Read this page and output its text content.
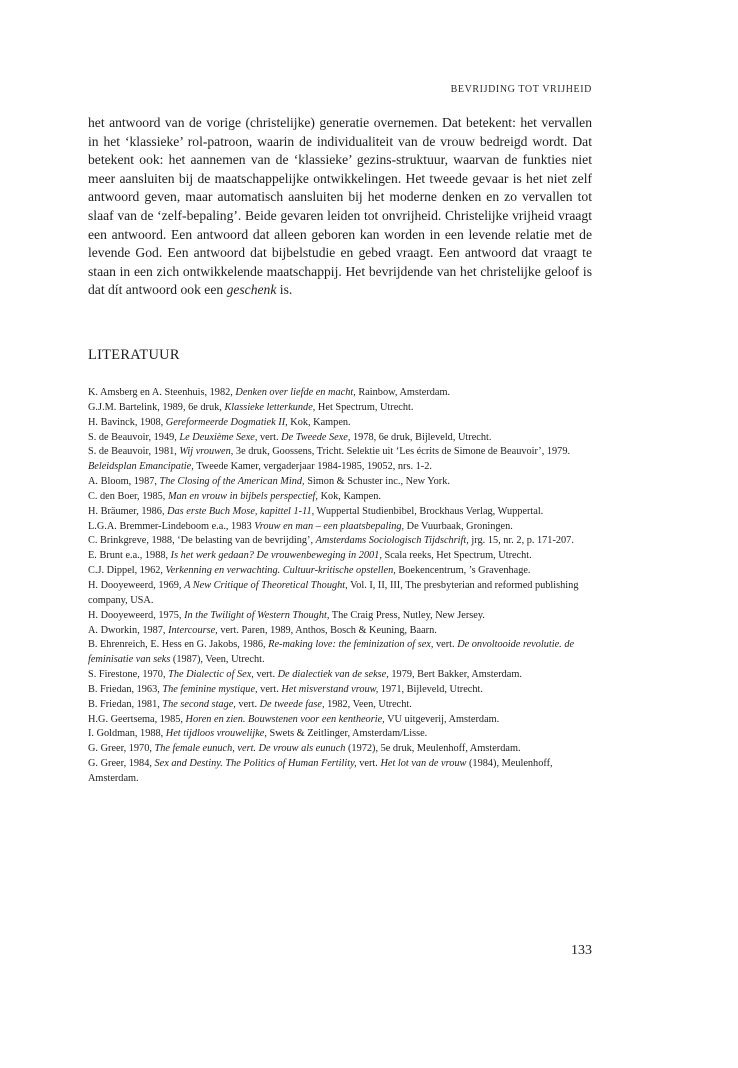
BEVRIJDING TOT VRIJHEID

het antwoord van de vorige (christelijke) generatie overnemen. Dat betekent: het vervallen in het ‘klassieke’ rol-patroon, waarin de individualiteit van de vrouw bedreigd wordt. Dat betekent ook: het aannemen van de ‘klassieke’ gezins-struktuur, waarvan de funkties niet meer aansluiten bij de maatschappelijke ontwikkelingen. Het tweede gevaar is het niet zelf antwoord geven, maar automatisch aansluiten bij het moderne denken en zo vervallen tot slaaf van de ‘zelf-bepaling’. Beide gevaren leiden tot onvrijheid. Christelijke vrijheid vraagt een antwoord. Een antwoord dat alleen geboren kan worden in een levende relatie met de levende God. Een antwoord dat bijbelstudie en gebed vraagt. Een antwoord dat vraagt te staan in een zich ontwikkelende maatschappij. Het bevrijdende van het christelijke geloof is dat dít antwoord ook een geschenk is.

LITERATUUR
K. Amsberg en A. Steenhuis, 1982, Denken over liefde en macht, Rainbow, Amsterdam.
G.J.M. Bartelink, 1989, 6e druk, Klassieke letterkunde, Het Spectrum, Utrecht.
H. Bavinck, 1908, Gereformeerde Dogmatiek II, Kok, Kampen.
S. de Beauvoir, 1949, Le Deuxième Sexe, vert. De Tweede Sexe, 1978, 6e druk, Bijleveld, Utrecht.
S. de Beauvoir, 1981, Wij vrouwen, 3e druk, Goossens, Tricht. Selektie uit ‘Les écrits de Simone de Beauvoir’, 1979.
Beleidsplan Emancipatie, Tweede Kamer, vergaderjaar 1984-1985, 19052, nrs. 1-2.
A. Bloom, 1987, The Closing of the American Mind, Simon & Schuster inc., New York.
C. den Boer, 1985, Man en vrouw in bijbels perspectief, Kok, Kampen.
H. Bräumer, 1986, Das erste Buch Mose, kapittel 1-11, Wuppertal Studienbibel, Brockhaus Verlag, Wuppertal.
L.G.A. Bremmer-Lindeboom e.a., 1983 Vrouw en man – een plaatsbepaling, De Vuurbaak, Groningen.
C. Brinkgreve, 1988, ‘De belasting van de bevrijding’, Amsterdams Sociologisch Tijdschrift, jrg. 15, nr. 2, p. 171-207.
E. Brunt e.a., 1988, Is het werk gedaan? De vrouwenbeweging in 2001, Scala reeks, Het Spectrum, Utrecht.
C.J. Dippel, 1962, Verkenning en verwachting. Cultuur-kritische opstellen, Boekencentrum, ’s Gravenhage.
H. Dooyeweerd, 1969, A New Critique of Theoretical Thought, Vol. I, II, III, The presbyterian and reformed publishing company, USA.
H. Dooyeweerd, 1975, In the Twilight of Western Thought, The Craig Press, Nutley, New Jersey.
A. Dworkin, 1987, Intercourse, vert. Paren, 1989, Anthos, Bosch & Keuning, Baarn.
B. Ehrenreich, E. Hess en G. Jakobs, 1986, Re-making love: the feminization of sex, vert. De onvoltooide revolutie. de feminisatie van seks (1987), Veen, Utrecht.
S. Firestone, 1970, The Dialectic of Sex, vert. De dialectiek van de sekse, 1979, Bert Bakker, Amsterdam.
B. Friedan, 1963, The feminine mystique, vert. Het misverstand vrouw, 1971, Bijleveld, Utrecht.
B. Friedan, 1981, The second stage, vert. De tweede fase, 1982, Veen, Utrecht.
H.G. Geertsema, 1985, Horen en zien. Bouwstenen voor een kentheorie, VU uitgeverij, Amsterdam.
I. Goldman, 1988, Het tijdloos vrouwelijke, Swets & Zeitlinger, Amsterdam/Lisse.
G. Greer, 1970, The female eunuch, vert. De vrouw als eunuch (1972), 5e druk, Meulenhoff, Amsterdam.
G. Greer, 1984, Sex and Destiny. The Politics of Human Fertility, vert. Het lot van de vrouw (1984), Meulenhoff, Amsterdam.
133
